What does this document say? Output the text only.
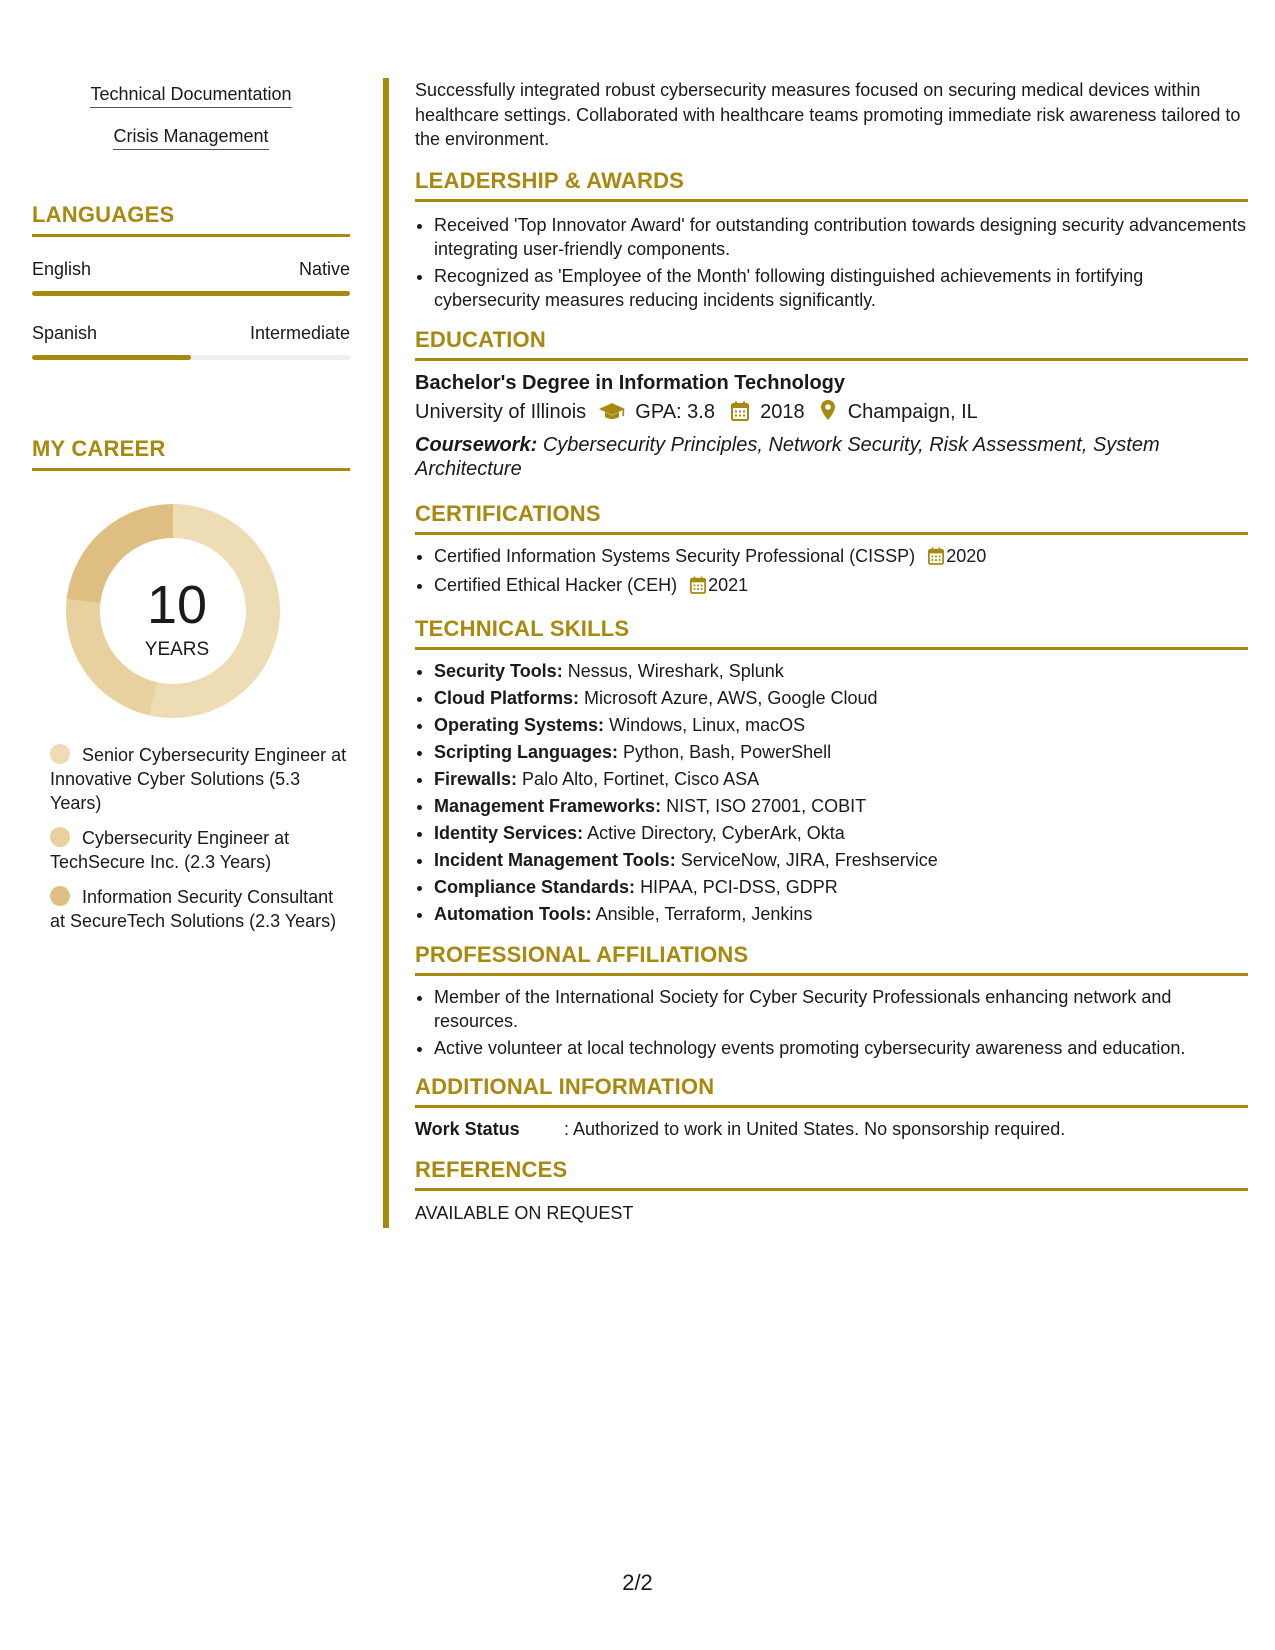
Technical Documentation
Crisis Management
LANGUAGES
English	Native
Spanish	Intermediate
MY CAREER
10
YEARS
Senior Cybersecurity Engineer at Innovative Cyber Solutions (5.3 Years)
Cybersecurity Engineer at TechSecure Inc. (2.3 Years)
Information Security Consultant at SecureTech Solutions (2.3 Years)
Successfully integrated robust cybersecurity measures focused on securing medical devices within healthcare settings. Collaborated with healthcare teams promoting immediate risk awareness tailored to the environment.
LEADERSHIP & AWARDS
• Received 'Top Innovator Award' for outstanding contribution towards designing security advancements integrating user-friendly components.
• Recognized as 'Employee of the Month' following distinguished achievements in fortifying cybersecurity measures reducing incidents significantly.
EDUCATION
Bachelor's Degree in Information Technology
University of Illinois GPA: 3.8 2018 Champaign, IL
Coursework: Cybersecurity Principles, Network Security, Risk Assessment, System Architecture
CERTIFICATIONS
• Certified Information Systems Security Professional (CISSP) 2020
• Certified Ethical Hacker (CEH) 2021
TECHNICAL SKILLS
• Security Tools: Nessus, Wireshark, Splunk
• Cloud Platforms: Microsoft Azure, AWS, Google Cloud
• Operating Systems: Windows, Linux, macOS
• Scripting Languages: Python, Bash, PowerShell
• Firewalls: Palo Alto, Fortinet, Cisco ASA
• Management Frameworks: NIST, ISO 27001, COBIT
• Identity Services: Active Directory, CyberArk, Okta
• Incident Management Tools: ServiceNow, JIRA, Freshservice
• Compliance Standards: HIPAA, PCI-DSS, GDPR
• Automation Tools: Ansible, Terraform, Jenkins
PROFESSIONAL AFFILIATIONS
• Member of the International Society for Cyber Security Professionals enhancing network and resources.
• Active volunteer at local technology events promoting cybersecurity awareness and education.
ADDITIONAL INFORMATION
Work Status	: Authorized to work in United States. No sponsorship required.
REFERENCES
AVAILABLE ON REQUEST
2/2
